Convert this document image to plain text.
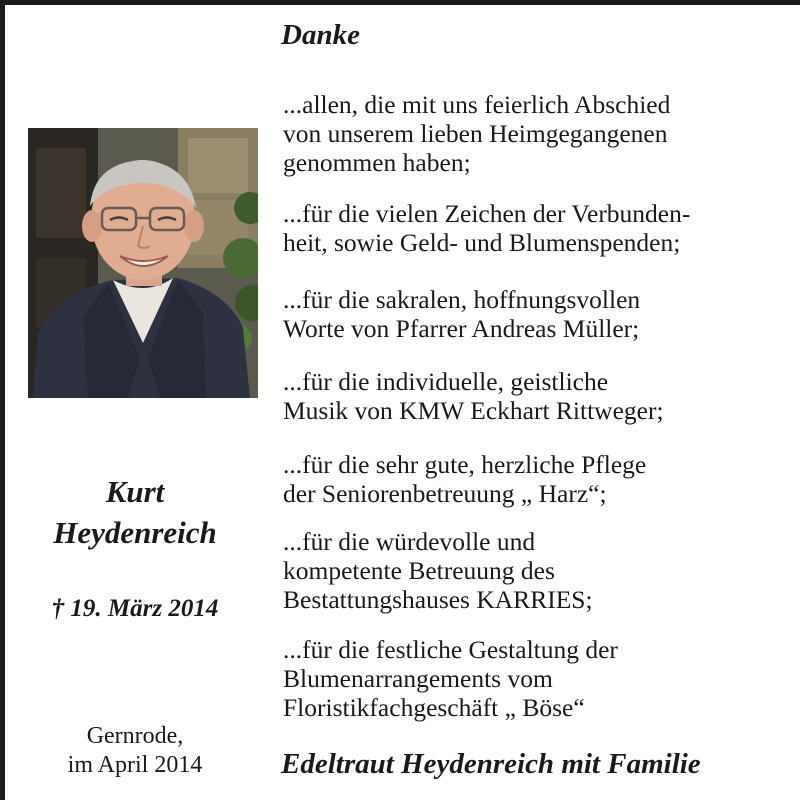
Danke
Kurt
Heydenreich
† 19. März 2014
Gernrode,
im April 2014
...allen, die mit uns feierlich Abschied
von unserem lieben Heimgegangenen
genommen haben;
...für die vielen Zeichen der Verbunden-
heit, sowie Geld- und Blumenspenden;
...für die sakralen, hoffnungsvollen
Worte von Pfarrer Andreas Müller;
...für die individuelle, geistliche
Musik von KMW Eckhart Rittweger;
...für die sehr gute, herzliche Pflege
der Seniorenbetreuung „ Harz“;
...für die würdevolle und
kompetente Betreuung des
Bestattungshauses KARRIES;
...für die festliche Gestaltung der
Blumenarrangements vom
Floristikfachgeschäft „ Böse“
Edeltraut Heydenreich mit Familie
